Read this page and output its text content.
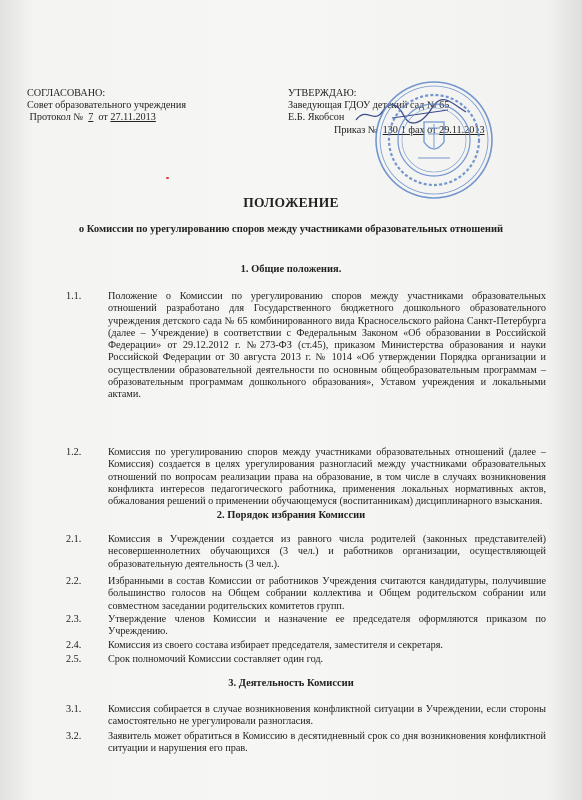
СОГЛАСОВАНО:
Совет образовательного учреждения
Протокол № 7 от 27.11.2013
УТВЕРЖДАЮ:
Заведующая ГДОУ детский сад № 65
Е.Б. Якобсон
Приказ № 130/1 фах от 29.11.2013
ПОЛОЖЕНИЕ
о Комиссии по урегулированию споров между участниками образовательных отношений
1. Общие положения.
1.1.	Положение о Комиссии по урегулированию споров между участниками образовательных отношений разработано для Государственного бюджетного дошкольного образовательного учреждения детского сада № 65 комбинированного вида Красносельского района Санкт-Петербурга (далее – Учреждение) в соответствии с Федеральным Законом «Об образовании в Российской Федерации» от 29.12.2012 г. №273-ФЗ (ст.45), приказом Министерства образования и науки Российской Федерации от 30 августа 2013 г. № 1014 «Об утверждении Порядка организации и осуществлении образовательной деятельности по основным общеобразовательным программам – образовательным программам дошкольного образования», Уставом учреждения и локальными актами.
1.2.	Комиссия по урегулированию споров между участниками образовательных отношений (далее – Комиссия) создается в целях урегулирования разногласий между участниками образовательных отношений по вопросам реализации права на образование, в том числе в случаях возникновения конфликта интересов педагогического работника, применения локальных нормативных актов, обжалования решений о применении обучающемуся (воспитанникам) дисциплинарного взыскания.
2. Порядок избрания Комиссии
2.1.	Комиссия в Учреждении создается из равного числа родителей (законных представителей) несовершеннолетних обучающихся (3 чел.) и работников организации, осуществляющей образовательную деятельность (3 чел.).
2.2.	Избранными в состав Комиссии от работников Учреждения считаются кандидатуры, получившие большинство голосов на Общем собрании коллектива и Общем родительском собрании или совместном заседании родительских комитетов групп.
2.3.	Утверждение членов Комиссии и назначение ее председателя оформляются приказом по Учреждению.
2.4.	Комиссия из своего состава избирает председателя, заместителя и секретаря.
2.5.	Срок полномочий Комиссии составляет один год.
3. Деятельность Комиссии
3.1.	Комиссия собирается в случае возникновения конфликтной ситуации в Учреждении, если стороны самостоятельно не урегулировали разногласия.
3.2.	Заявитель может обратиться в Комиссию в десятидневный срок со дня возникновения конфликтной ситуации и нарушения его прав.
